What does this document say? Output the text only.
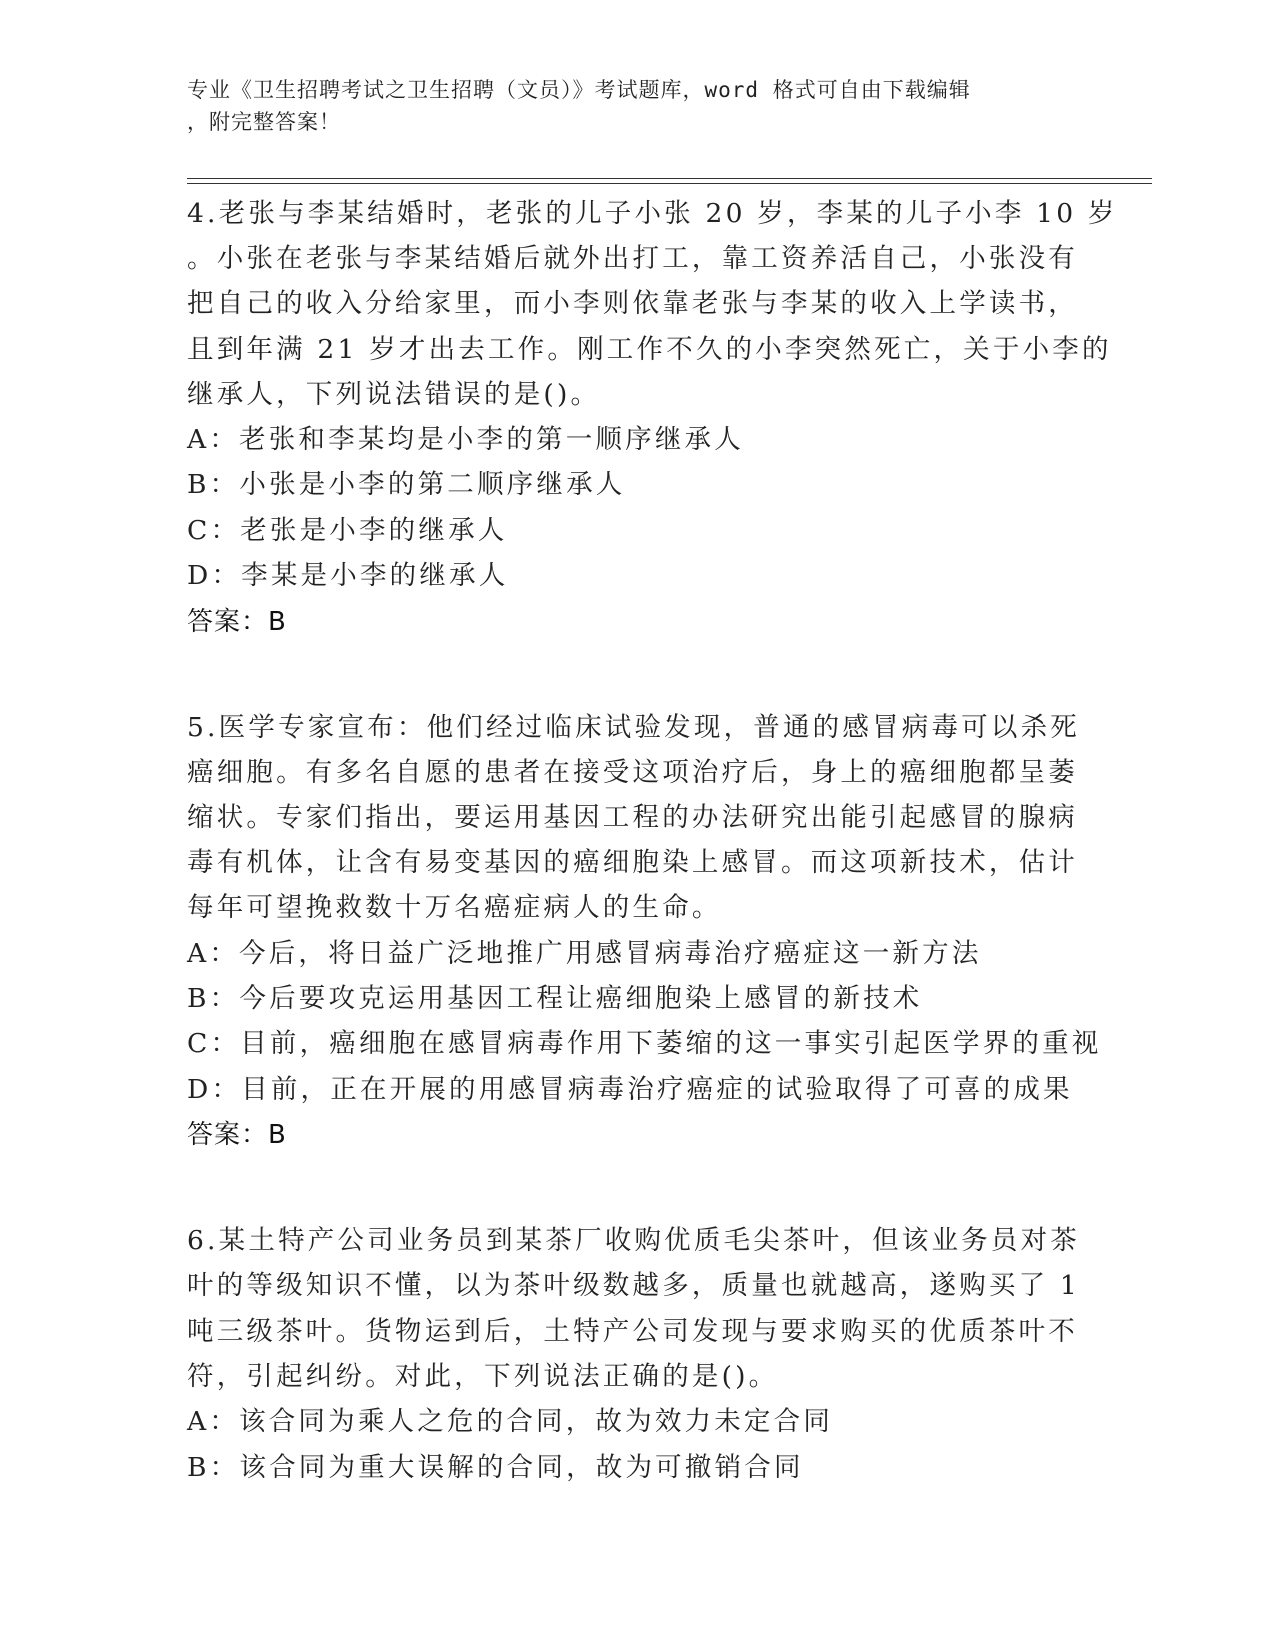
专业《卫生招聘考试之卫生招聘（文员）》考试题库，word 格式可自由下载编辑
，附完整答案！
4.老张与李某结婚时，老张的儿子小张 20 岁，李某的儿子小李 10 岁
。小张在老张与李某结婚后就外出打工，靠工资养活自己，小张没有
把自己的收入分给家里，而小李则依靠老张与李某的收入上学读书，
且到年满 21 岁才出去工作。刚工作不久的小李突然死亡，关于小李的
继承人，下列说法错误的是()。
A：老张和李某均是小李的第一顺序继承人
B：小张是小李的第二顺序继承人
C：老张是小李的继承人
D：李某是小李的继承人
答案：B
5.医学专家宣布：他们经过临床试验发现，普通的感冒病毒可以杀死
癌细胞。有多名自愿的患者在接受这项治疗后，身上的癌细胞都呈萎
缩状。专家们指出，要运用基因工程的办法研究出能引起感冒的腺病
毒有机体，让含有易变基因的癌细胞染上感冒。而这项新技术，估计
每年可望挽救数十万名癌症病人的生命。
A：今后，将日益广泛地推广用感冒病毒治疗癌症这一新方法
B：今后要攻克运用基因工程让癌细胞染上感冒的新技术
C：目前，癌细胞在感冒病毒作用下萎缩的这一事实引起医学界的重视
D：目前，正在开展的用感冒病毒治疗癌症的试验取得了可喜的成果
答案：B
6.某土特产公司业务员到某茶厂收购优质毛尖茶叶，但该业务员对茶
叶的等级知识不懂，以为茶叶级数越多，质量也就越高，遂购买了 1
吨三级茶叶。货物运到后，土特产公司发现与要求购买的优质茶叶不
符，引起纠纷。对此，下列说法正确的是()。
A：该合同为乘人之危的合同，故为效力未定合同
B：该合同为重大误解的合同，故为可撤销合同
